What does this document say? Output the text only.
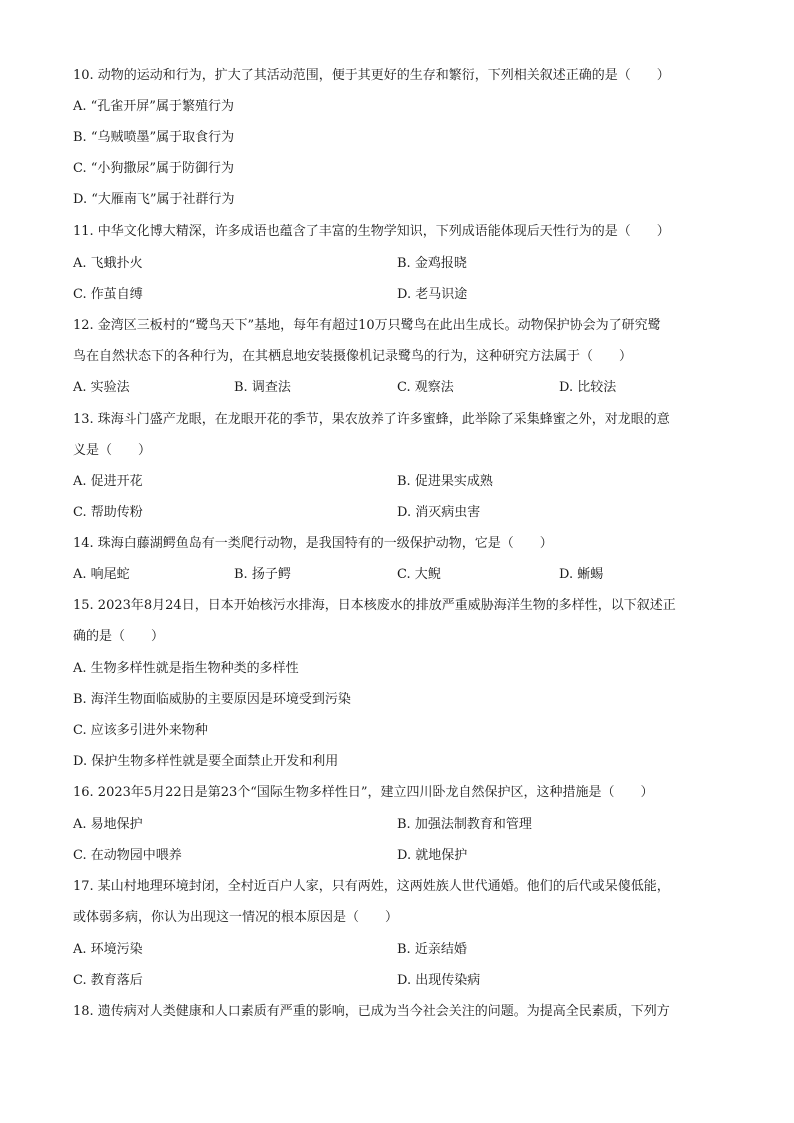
10. 动物的运动和行为，扩大了其活动范围，便于其更好的生存和繁衍，下列相关叙述正确的是（　　）
A. “孔雀开屏”属于繁殖行为
B. “乌贼喷墨”属于取食行为
C. “小狗撒尿”属于防御行为
D. “大雁南飞”属于社群行为
11. 中华文化博大精深，许多成语也蕴含了丰富的生物学知识，下列成语能体现后天性行为的是（　　）
A. 飞蛾扑火	B. 金鸡报晓
C. 作茧自缚	D. 老马识途
12. 金湾区三板村的“鹭鸟天下”基地，每年有超过10万只鹭鸟在此出生成长。动物保护协会为了研究鹭
鸟在自然状态下的各种行为，在其栖息地安装摄像机记录鹭鸟的行为，这种研究方法属于（　　）
A. 实验法	B. 调查法	C. 观察法	D. 比较法
13. 珠海斗门盛产龙眼，在龙眼开花的季节，果农放养了许多蜜蜂，此举除了采集蜂蜜之外，对龙眼的意
义是（　　）
A. 促进开花	B. 促进果实成熟
C. 帮助传粉	D. 消灭病虫害
14. 珠海白藤湖鳄鱼岛有一类爬行动物，是我国特有的一级保护动物，它是（　　）
A. 响尾蛇	B. 扬子鳄	C. 大鲵	D. 蜥蜴
15. 2023年8月24日，日本开始核污水排海，日本核废水的排放严重威胁海洋生物的多样性，以下叙述正
确的是（　　）
A. 生物多样性就是指生物种类的多样性
B. 海洋生物面临威胁的主要原因是环境受到污染
C. 应该多引进外来物种
D. 保护生物多样性就是要全面禁止开发和利用
16. 2023年5月22日是第23个“国际生物多样性日”，建立四川卧龙自然保护区，这种措施是（　　）
A. 易地保护	B. 加强法制教育和管理
C. 在动物园中喂养	D. 就地保护
17. 某山村地理环境封闭，全村近百户人家，只有两姓，这两姓族人世代通婚。他们的后代或呆傻低能，
或体弱多病，你认为出现这一情况的根本原因是（　　）
A. 环境污染	B. 近亲结婚
C. 教育落后	D. 出现传染病
18. 遗传病对人类健康和人口素质有严重的影响，已成为当今社会关注的问题。为提高全民素质，下列方
